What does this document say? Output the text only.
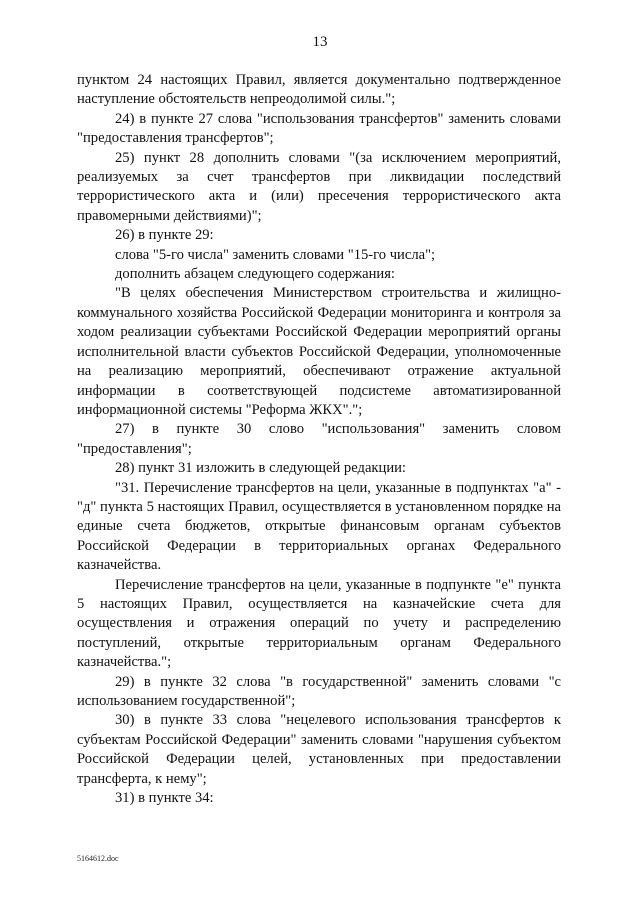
13

пунктом 24 настоящих Правил, является документально подтвержденное наступление обстоятельств непреодолимой силы.";

24) в пункте 27 слова "использования трансфертов" заменить словами "предоставления трансфертов";

25) пункт 28 дополнить словами "(за исключением мероприятий, реализуемых за счет трансфертов при ликвидации последствий террористического акта и (или) пресечения террористического акта правомерными действиями)";

26) в пункте 29:

слова "5-го числа" заменить словами "15-го числа";

дополнить абзацем следующего содержания:

"В целях обеспечения Министерством строительства и жилищно-коммунального хозяйства Российской Федерации мониторинга и контроля за ходом реализации субъектами Российской Федерации мероприятий органы исполнительной власти субъектов Российской Федерации, уполномоченные на реализацию мероприятий, обеспечивают отражение актуальной информации в соответствующей подсистеме автоматизированной информационной системы "Реформа ЖКХ".";

27) в пункте 30 слово "использования" заменить словом "предоставления";

28) пункт 31 изложить в следующей редакции:

"31. Перечисление трансфертов на цели, указанные в подпунктах "а" - "д" пункта 5 настоящих Правил, осуществляется в установленном порядке на единые счета бюджетов, открытые финансовым органам субъектов Российской Федерации в территориальных органах Федерального казначейства.

Перечисление трансфертов на цели, указанные в подпункте "е" пункта 5 настоящих Правил, осуществляется на казначейские счета для осуществления и отражения операций по учету и распределению поступлений, открытые территориальным органам Федерального казначейства.";

29) в пункте 32 слова "в государственной" заменить словами "с использованием государственной";

30) в пункте 33 слова "нецелевого использования трансфертов к субъектам Российской Федерации" заменить словами "нарушения субъектом Российской Федерации целей, установленных при предоставлении трансферта, к нему";

31) в пункте 34:

5164612.doc
